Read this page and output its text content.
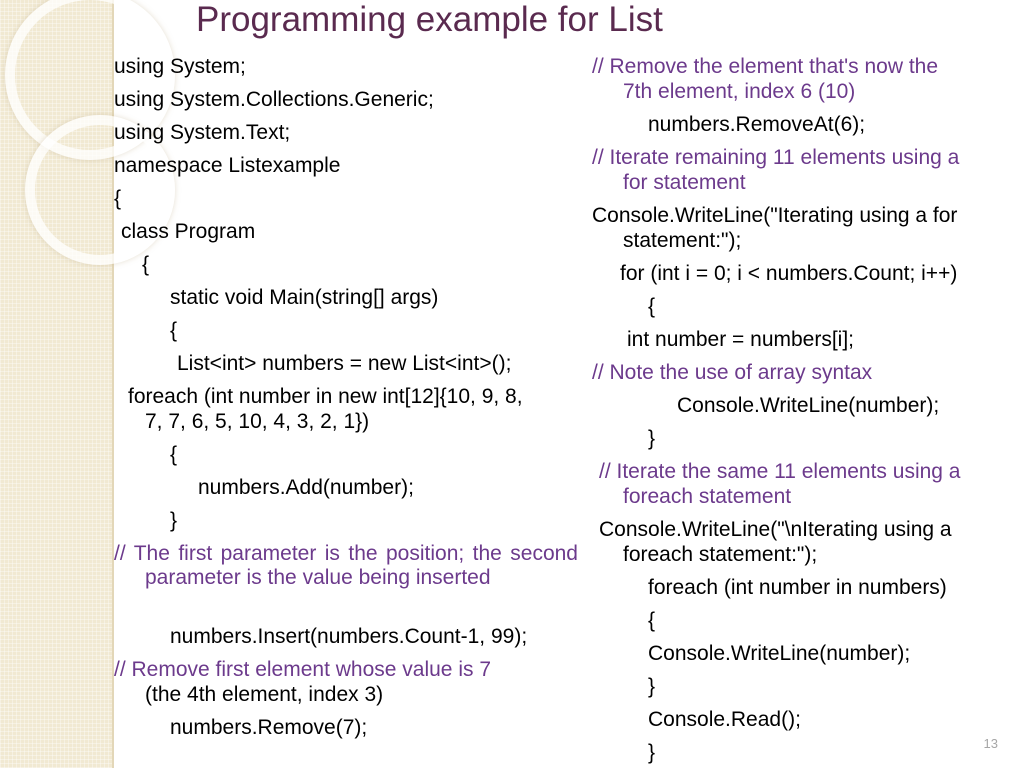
Programming example for List

using System;

using System.Collections.Generic;

using System.Text;

namespace Listexample

{

class Program

{

static void Main(string[] args)

{

List<int> numbers = new List<int>();

foreach (int number in new int[12]{10, 9, 8,

7, 7, 6, 5, 10, 4, 3, 2, 1})

{

numbers.Add(number);

}

// The first parameter is the position; the second parameter is the value being inserted

numbers.Insert(numbers.Count-1, 99);

// Remove first element whose value is 7

(the 4th element, index 3)

numbers.Remove(7);

// Remove the element that's now the

7th element, index 6 (10)

numbers.RemoveAt(6);

// Iterate remaining 11 elements using a

for statement

Console.WriteLine("Iterating using a for

statement:");

for (int i = 0; i < numbers.Count; i++)

{

int number = numbers[i];

// Note the use of array syntax

Console.WriteLine(number);

}

// Iterate the same 11 elements using a

foreach statement

Console.WriteLine("\nIterating using a

foreach statement:");

foreach (int number in numbers)

{

Console.WriteLine(number);

}

Console.Read();

}	13
